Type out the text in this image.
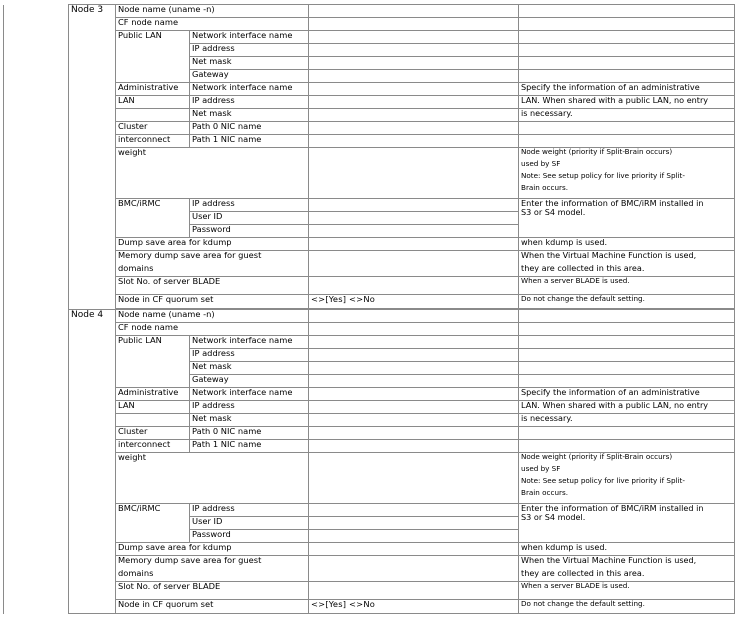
	Node 3	Node name (uname -n)			
		CF node name			
		Public LAN	Network interface name		
			IP address		
			Net mask		
			Gateway		
		Administrative	Network interface name		Specify the information of an administrative
		LAN	IP address		LAN. When shared with a public LAN, no entry
			Net mask		is necessary.
		Cluster	Path 0 NIC name		
		interconnect	Path 1 NIC name		
		weight			Node weight (priority if Split-Brain occurs)
					used by SF
					Note: See setup policy for live priority if Split-
					Brain occurs.
		BMC/iRMC	IP address		Enter the information of BMC/iRM installed in
S3 or S4 model.
			User ID		
			Password		
		Dump save area for kdump			when kdump is used.
		Memory dump save area for guest			When the Virtual Machine Function is used,
		domains			they are collected in this area.
		Slot No. of server BLADE			When a server BLADE is used.
		Node in CF quorum set		<>[Yes] <>No	Do not change the default setting.

	Node 4	Node name (uname -n)			
		CF node name			
		Public LAN	Network interface name		
			IP address		
			Net mask		
			Gateway		
		Administrative	Network interface name		Specify the information of an administrative
		LAN	IP address		LAN. When shared with a public LAN, no entry
			Net mask		is necessary.
		Cluster	Path 0 NIC name		
		interconnect	Path 1 NIC name		
		weight			Node weight (priority if Split-Brain occurs)
					used by SF
					Note: See setup policy for live priority if Split-
					Brain occurs.
		BMC/iRMC	IP address		Enter the information of BMC/iRM installed in
S3 or S4 model.
			User ID		
			Password		
		Dump save area for kdump			when kdump is used.
		Memory dump save area for guest			When the Virtual Machine Function is used,
		domains			they are collected in this area.
		Slot No. of server BLADE			When a server BLADE is used.
		Node in CF quorum set		<>[Yes] <>No	Do not change the default setting.
